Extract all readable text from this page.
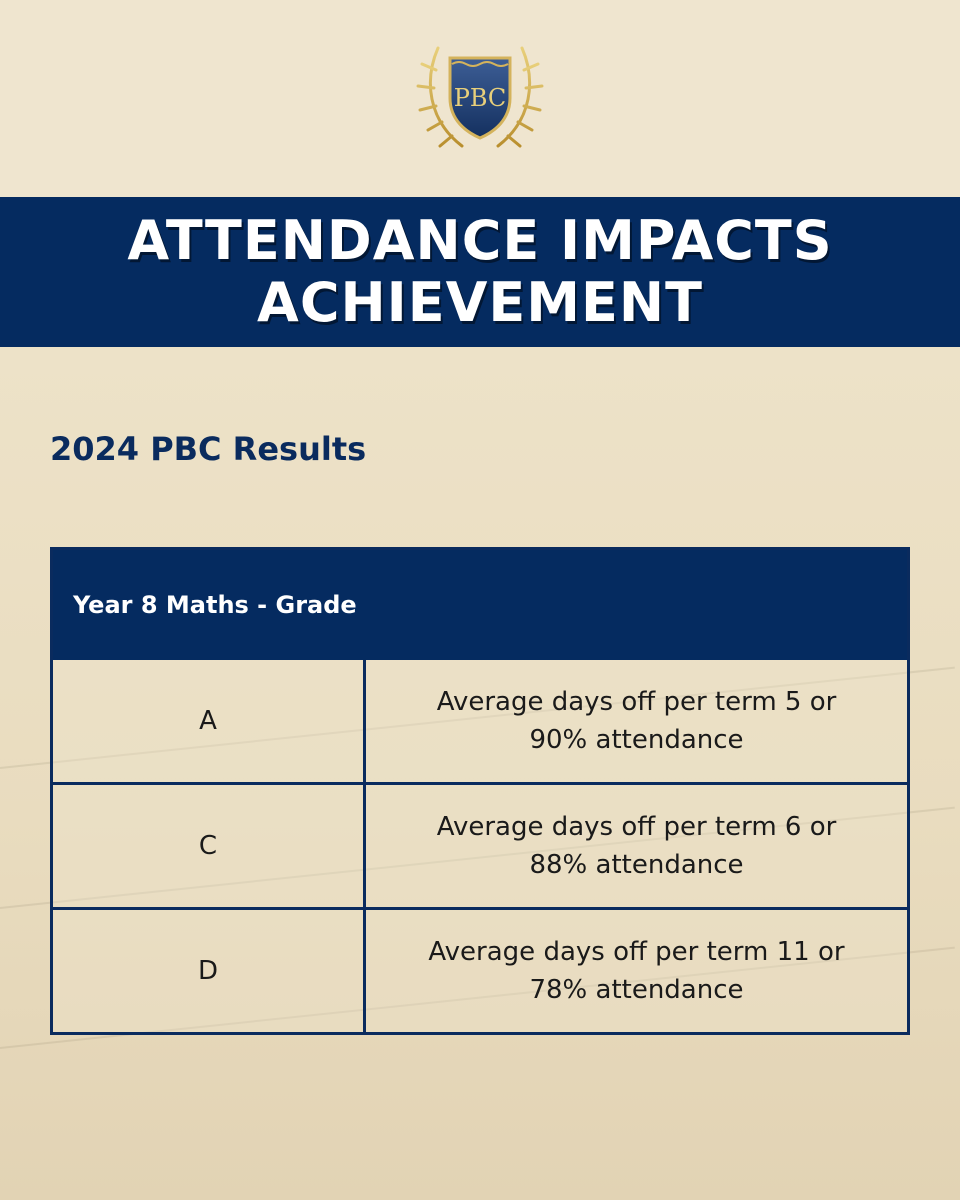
PBC
ATTENDANCE IMPACTS
ACHIEVEMENT
2024 PBC Results
Year 8 Maths - Grade
A
Average days off per term 5 or
90% attendance
C
Average days off per term 6 or
88% attendance
D
Average days off per term 11 or
78% attendance
